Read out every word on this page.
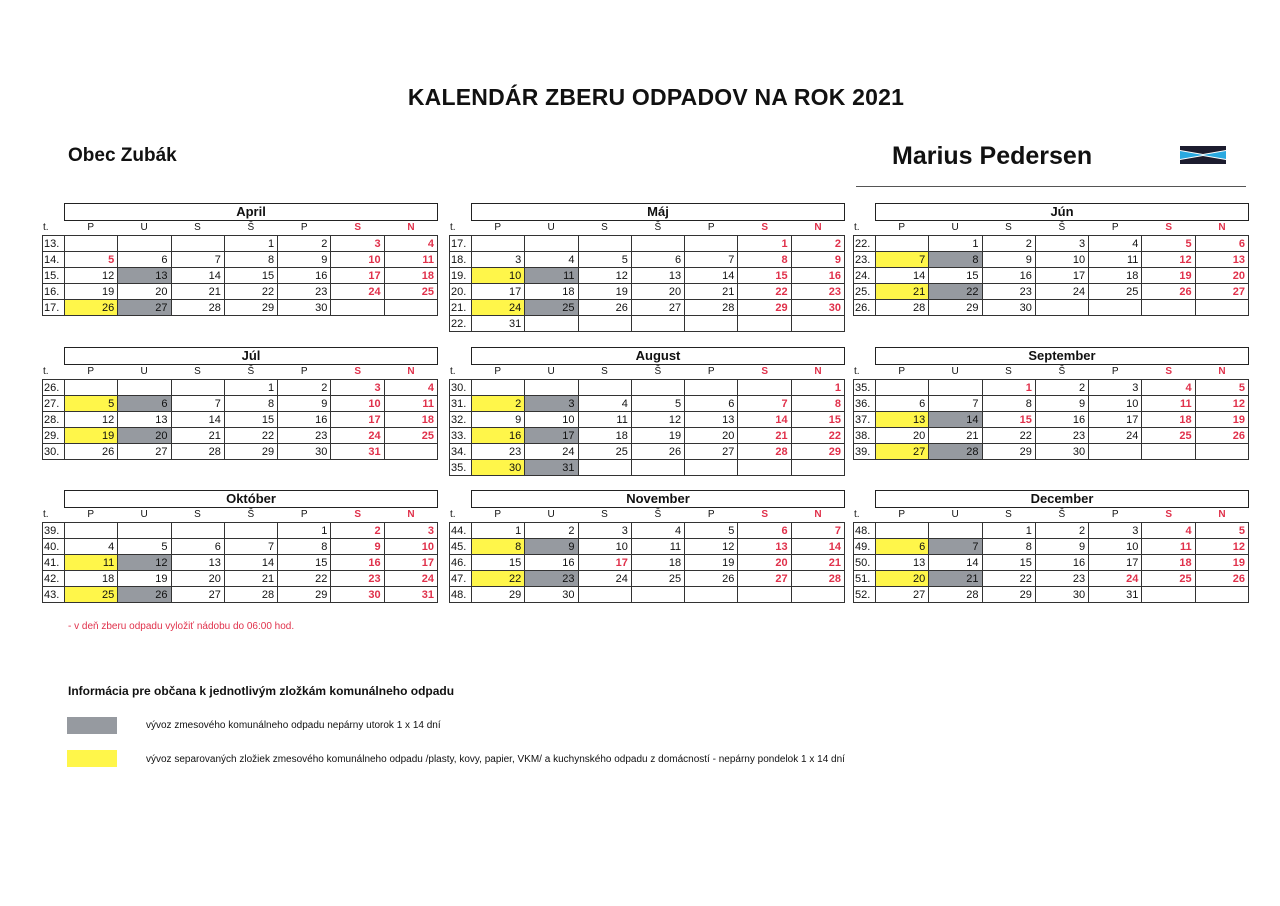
KALENDÁR ZBERU ODPADOV NA ROK 2021
Obec Zubák	Marius Pedersen
April
t.	P	U	S	Š	P	S	N
13.				1	2	3	4
14.	5	6	7	8	9	10	11
15.	12	13	14	15	16	17	18
16.	19	20	21	22	23	24	25
17.	26	27	28	29	30		
Máj
t.	P	U	S	Š	P	S	N
17.						1	2
18.	3	4	5	6	7	8	9
19.	10	11	12	13	14	15	16
20.	17	18	19	20	21	22	23
21.	24	25	26	27	28	29	30
22.	31						
Jún
t.	P	U	S	Š	P	S	N
22.		1	2	3	4	5	6
23.	7	8	9	10	11	12	13
24.	14	15	16	17	18	19	20
25.	21	22	23	24	25	26	27
26.	28	29	30				
Júl
t.	P	U	S	Š	P	S	N
26.				1	2	3	4
27.	5	6	7	8	9	10	11
28.	12	13	14	15	16	17	18
29.	19	20	21	22	23	24	25
30.	26	27	28	29	30	31	
August
t.	P	U	S	Š	P	S	N
30.							1
31.	2	3	4	5	6	7	8
32.	9	10	11	12	13	14	15
33.	16	17	18	19	20	21	22
34.	23	24	25	26	27	28	29
35.	30	31					
September
t.	P	U	S	Š	P	S	N
35.			1	2	3	4	5
36.	6	7	8	9	10	11	12
37.	13	14	15	16	17	18	19
38.	20	21	22	23	24	25	26
39.	27	28	29	30			
Október
t.	P	U	S	Š	P	S	N
39.					1	2	3
40.	4	5	6	7	8	9	10
41.	11	12	13	14	15	16	17
42.	18	19	20	21	22	23	24
43.	25	26	27	28	29	30	31
November
t.	P	U	S	Š	P	S	N
44.	1	2	3	4	5	6	7
45.	8	9	10	11	12	13	14
46.	15	16	17	18	19	20	21
47.	22	23	24	25	26	27	28
48.	29	30					
December
t.	P	U	S	Š	P	S	N
48.			1	2	3	4	5
49.	6	7	8	9	10	11	12
50.	13	14	15	16	17	18	19
51.	20	21	22	23	24	25	26
52.	27	28	29	30	31		
- v deň zberu odpadu vyložiť nádobu do 06:00 hod.
Informácia pre občana k jednotlivým zložkám komunálneho odpadu
vývoz zmesového komunálneho odpadu nepárny utorok 1 x 14 dní
vývoz separovaných zložiek zmesového komunálneho odpadu /plasty, kovy, papier, VKM/ a kuchynského odpadu z domácností - nepárny pondelok 1 x 14 dní
